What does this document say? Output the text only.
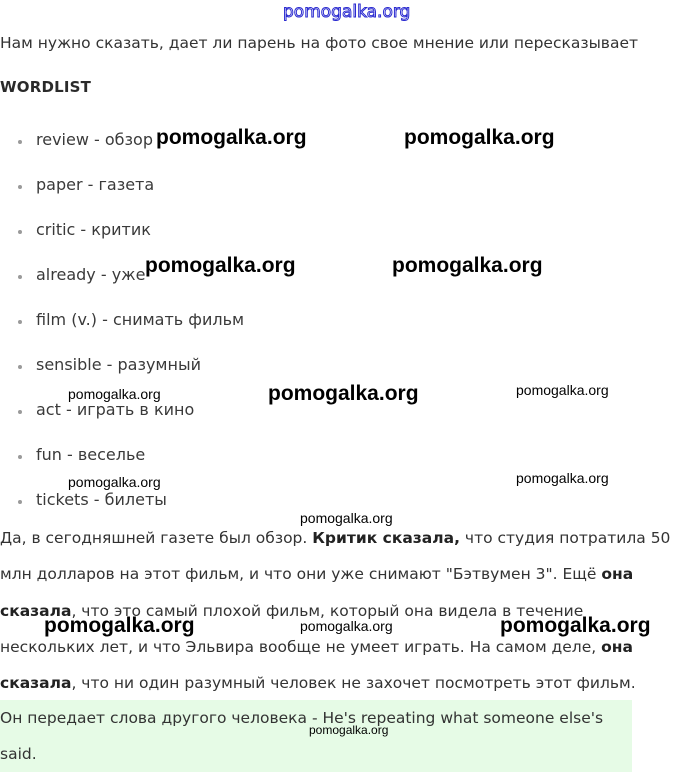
pomogalka.org
Нам нужно сказать, дает ли парень на фото свое мнение или пересказывает
WORDLIST
review - обзор
paper - газета
critic - критик
already - уже
film (v.) - снимать фильм
sensible - разумный
act - играть в кино
fun - веселье
tickets - билеты
Да, в сегодняшней газете был обзор. Критик сказала, что студия потратила 50 млн долларов на этот фильм, и что они уже снимают "Бэтвумен 3". Ещё она сказала, что это самый плохой фильм, который она видела в течение нескольких лет, и что Эльвира вообще не умеет играть. На самом деле, она сказала, что ни один разумный человек не захочет посмотреть этот фильм.
Он передает слова другого человека - He's repeating what someone else's said.
pomogalka.org	pomogalka.org
pomogalka.org	pomogalka.org
pomogalka.org	pomogalka.org	pomogalka.org
pomogalka.org	pomogalka.org
pomogalka.org
pomogalka.org	pomogalka.org	pomogalka.org
pomogalka.org
